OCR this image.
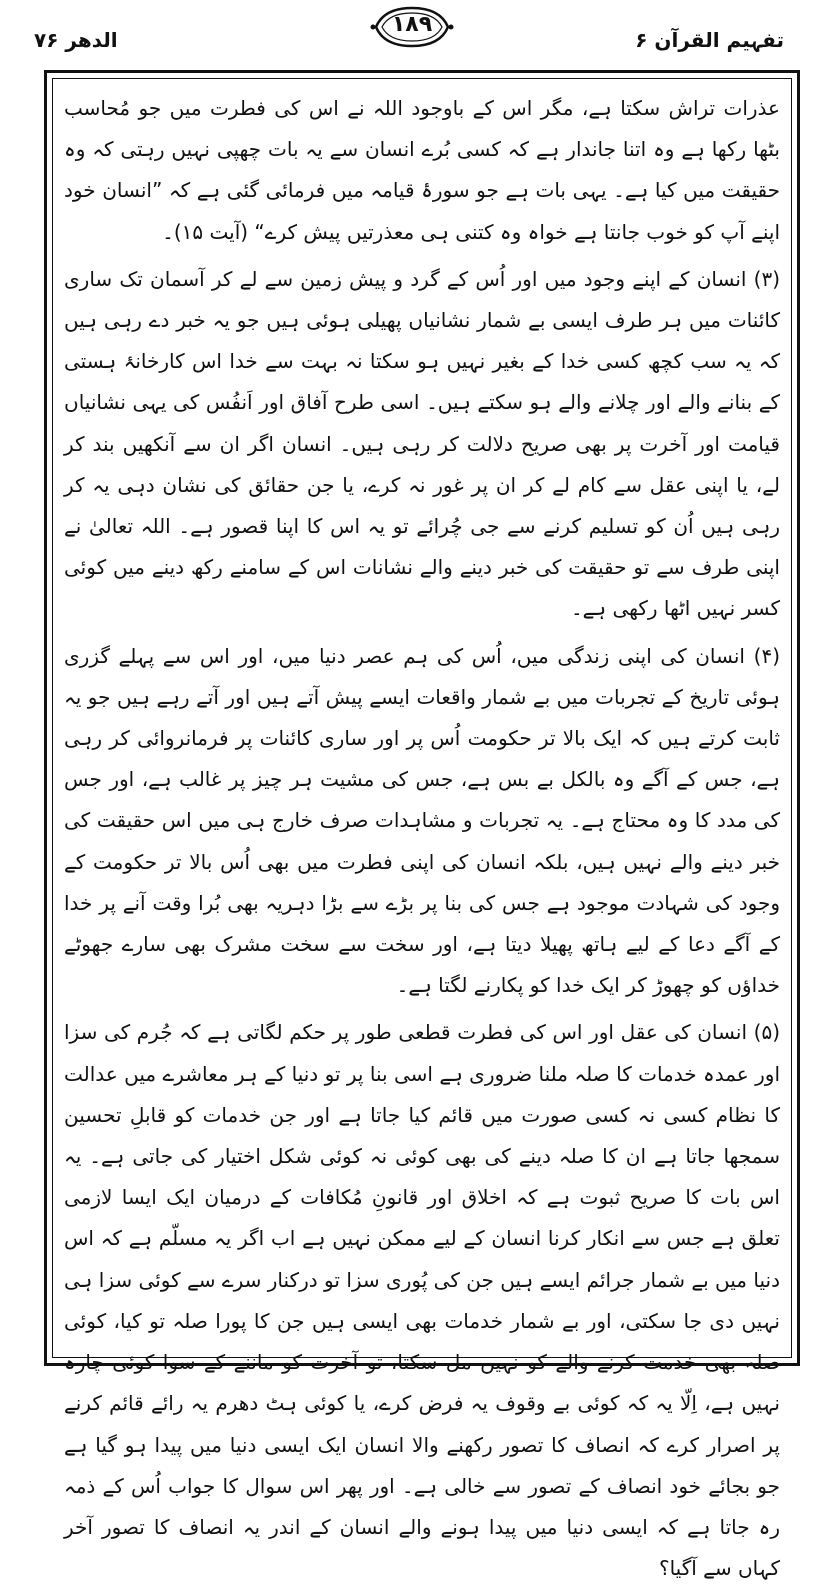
الدھر ۷۶
۱۸۹
تفہیم القرآن ۶

عذرات تراش سکتا ہے، مگر اس کے باوجود اللہ نے اس کی فطرت میں جو مُحاسب بٹھا رکھا ہے وہ اتنا جاندار ہے کہ کسی بُرے انسان سے یہ بات چھپی نہیں رہتی کہ وہ حقیقت میں کیا ہے۔ یہی بات ہے جو سورۂ قیامہ میں فرمائی گئی ہے کہ ”انسان خود اپنے آپ کو خوب جانتا ہے خواہ وہ کتنی ہی معذرتیں پیش کرے“ (آیت ۱۵)۔

(۳) انسان کے اپنے وجود میں اور اُس کے گرد و پیش زمین سے لے کر آسمان تک ساری کائنات میں ہر طرف ایسی بے شمار نشانیاں پھیلی ہوئی ہیں جو یہ خبر دے رہی ہیں کہ یہ سب کچھ کسی خدا کے بغیر نہیں ہو سکتا نہ بہت سے خدا اس کارخانۂ ہستی کے بنانے والے اور چلانے والے ہو سکتے ہیں۔ اسی طرح آفاق اور اَنفُس کی یہی نشانیاں قیامت اور آخرت پر بھی صریح دلالت کر رہی ہیں۔ انسان اگر ان سے آنکھیں بند کر لے، یا اپنی عقل سے کام لے کر ان پر غور نہ کرے، یا جن حقائق کی نشان دہی یہ کر رہی ہیں اُن کو تسلیم کرنے سے جی چُرائے تو یہ اس کا اپنا قصور ہے۔ اللہ تعالیٰ نے اپنی طرف سے تو حقیقت کی خبر دینے والے نشانات اس کے سامنے رکھ دینے میں کوئی کسر نہیں اٹھا رکھی ہے۔

(۴) انسان کی اپنی زندگی میں، اُس کی ہم عصر دنیا میں، اور اس سے پہلے گزری ہوئی تاریخ کے تجربات میں بے شمار واقعات ایسے پیش آتے ہیں اور آتے رہے ہیں جو یہ ثابت کرتے ہیں کہ ایک بالا تر حکومت اُس پر اور ساری کائنات پر فرمانروائی کر رہی ہے، جس کے آگے وہ بالکل بے بس ہے، جس کی مشیت ہر چیز پر غالب ہے، اور جس کی مدد کا وہ محتاج ہے۔ یہ تجربات و مشاہدات صرف خارج ہی میں اس حقیقت کی خبر دینے والے نہیں ہیں، بلکہ انسان کی اپنی فطرت میں بھی اُس بالا تر حکومت کے وجود کی شہادت موجود ہے جس کی بنا پر بڑے سے بڑا دہریہ بھی بُرا وقت آنے پر خدا کے آگے دعا کے لیے ہاتھ پھیلا دیتا ہے، اور سخت سے سخت مشرک بھی سارے جھوٹے خداؤں کو چھوڑ کر ایک خدا کو پکارنے لگتا ہے۔

(۵) انسان کی عقل اور اس کی فطرت قطعی طور پر حکم لگاتی ہے کہ جُرم کی سزا اور عمدہ خدمات کا صلہ ملنا ضروری ہے اسی بنا پر تو دنیا کے ہر معاشرے میں عدالت کا نظام کسی نہ کسی صورت میں قائم کیا جاتا ہے اور جن خدمات کو قابلِ تحسین سمجھا جاتا ہے ان کا صلہ دینے کی بھی کوئی نہ کوئی شکل اختیار کی جاتی ہے۔ یہ اس بات کا صریح ثبوت ہے کہ اخلاق اور قانونِ مُکافات کے درمیان ایک ایسا لازمی تعلق ہے جس سے انکار کرنا انسان کے لیے ممکن نہیں ہے اب اگر یہ مسلّم ہے کہ اس دنیا میں بے شمار جرائم ایسے ہیں جن کی پُوری سزا تو درکنار سرے سے کوئی سزا ہی نہیں دی جا سکتی، اور بے شمار خدمات بھی ایسی ہیں جن کا پورا صلہ تو کیا، کوئی صلہ بھی خدمت کرنے والے کو نہیں مل سکتا، تو آخرت کو ماننے کے سوا کوئی چارہ نہیں ہے، اِلّا یہ کہ کوئی بے وقوف یہ فرض کرے، یا کوئی ہٹ دھرم یہ رائے قائم کرنے پر اصرار کرے کہ انصاف کا تصور رکھنے والا انسان ایک ایسی دنیا میں پیدا ہو گیا ہے جو بجائے خود انصاف کے تصور سے خالی ہے۔ اور پھر اس سوال کا جواب اُس کے ذمہ رہ جاتا ہے کہ ایسی دنیا میں پیدا ہونے والے انسان کے اندر یہ انصاف کا تصور آخر کہاں سے آگیا؟
